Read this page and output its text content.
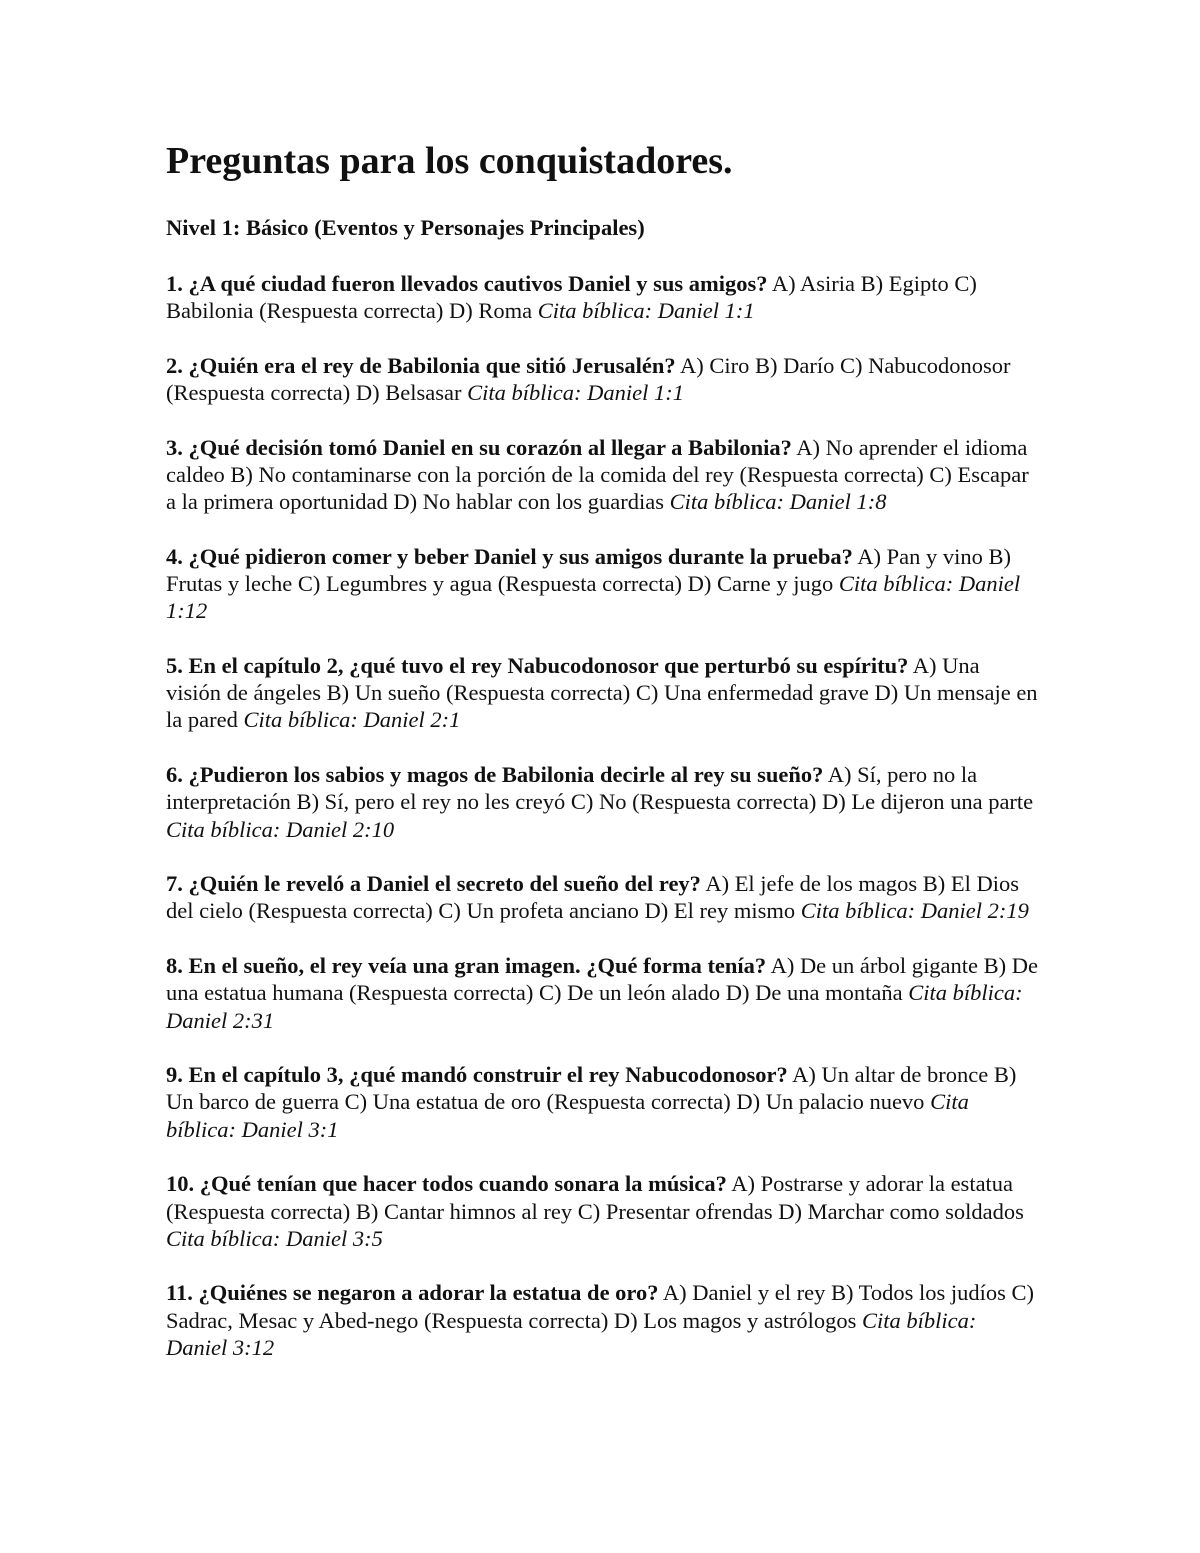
Preguntas para los conquistadores.
Nivel 1: Básico (Eventos y Personajes Principales)
1. ¿A qué ciudad fueron llevados cautivos Daniel y sus amigos? A) Asiria B) Egipto C) Babilonia (Respuesta correcta) D) Roma Cita bíblica: Daniel 1:1
2. ¿Quién era el rey de Babilonia que sitió Jerusalén? A) Ciro B) Darío C) Nabucodonosor (Respuesta correcta) D) Belsasar Cita bíblica: Daniel 1:1
3. ¿Qué decisión tomó Daniel en su corazón al llegar a Babilonia? A) No aprender el idioma caldeo B) No contaminarse con la porción de la comida del rey (Respuesta correcta) C) Escapar a la primera oportunidad D) No hablar con los guardias Cita bíblica: Daniel 1:8
4. ¿Qué pidieron comer y beber Daniel y sus amigos durante la prueba? A) Pan y vino B) Frutas y leche C) Legumbres y agua (Respuesta correcta) D) Carne y jugo Cita bíblica: Daniel 1:12
5. En el capítulo 2, ¿qué tuvo el rey Nabucodonosor que perturbó su espíritu? A) Una visión de ángeles B) Un sueño (Respuesta correcta) C) Una enfermedad grave D) Un mensaje en la pared Cita bíblica: Daniel 2:1
6. ¿Pudieron los sabios y magos de Babilonia decirle al rey su sueño? A) Sí, pero no la interpretación B) Sí, pero el rey no les creyó C) No (Respuesta correcta) D) Le dijeron una parte Cita bíblica: Daniel 2:10
7. ¿Quién le reveló a Daniel el secreto del sueño del rey? A) El jefe de los magos B) El Dios del cielo (Respuesta correcta) C) Un profeta anciano D) El rey mismo Cita bíblica: Daniel 2:19
8. En el sueño, el rey veía una gran imagen. ¿Qué forma tenía? A) De un árbol gigante B) De una estatua humana (Respuesta correcta) C) De un león alado D) De una montaña Cita bíblica: Daniel 2:31
9. En el capítulo 3, ¿qué mandó construir el rey Nabucodonosor? A) Un altar de bronce B) Un barco de guerra C) Una estatua de oro (Respuesta correcta) D) Un palacio nuevo Cita bíblica: Daniel 3:1
10. ¿Qué tenían que hacer todos cuando sonara la música? A) Postrarse y adorar la estatua (Respuesta correcta) B) Cantar himnos al rey C) Presentar ofrendas D) Marchar como soldados Cita bíblica: Daniel 3:5
11. ¿Quiénes se negaron a adorar la estatua de oro? A) Daniel y el rey B) Todos los judíos C) Sadrac, Mesac y Abed-nego (Respuesta correcta) D) Los magos y astrólogos Cita bíblica: Daniel 3:12
